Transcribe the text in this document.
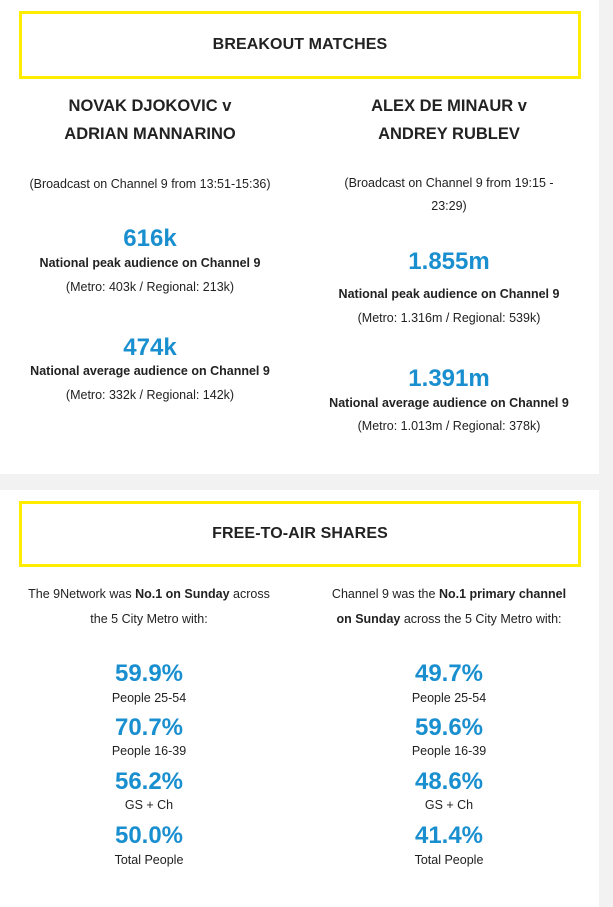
BREAKOUT MATCHES
NOVAK DJOKOVIC v
ADRIAN MANNARINO
(Broadcast on Channel 9 from 13:51-15:36)
616k
National peak audience on Channel 9
(Metro: 403k / Regional: 213k)
474k
National average audience on Channel 9
(Metro: 332k / Regional: 142k)
ALEX DE MINAUR v
ANDREY RUBLEV
(Broadcast on Channel 9 from 19:15 -
23:29)
1.855m
National peak audience on Channel 9
(Metro: 1.316m / Regional: 539k)
1.391m
National average audience on Channel 9
(Metro: 1.013m / Regional: 378k)
FREE-TO-AIR SHARES
The 9Network was No.1 on Sunday across
the 5 City Metro with:
59.9%
People 25-54
70.7%
People 16-39
56.2%
GS + Ch
50.0%
Total People
Channel 9 was the No.1 primary channel
on Sunday across the 5 City Metro with:
49.7%
People 25-54
59.6%
People 16-39
48.6%
GS + Ch
41.4%
Total People
